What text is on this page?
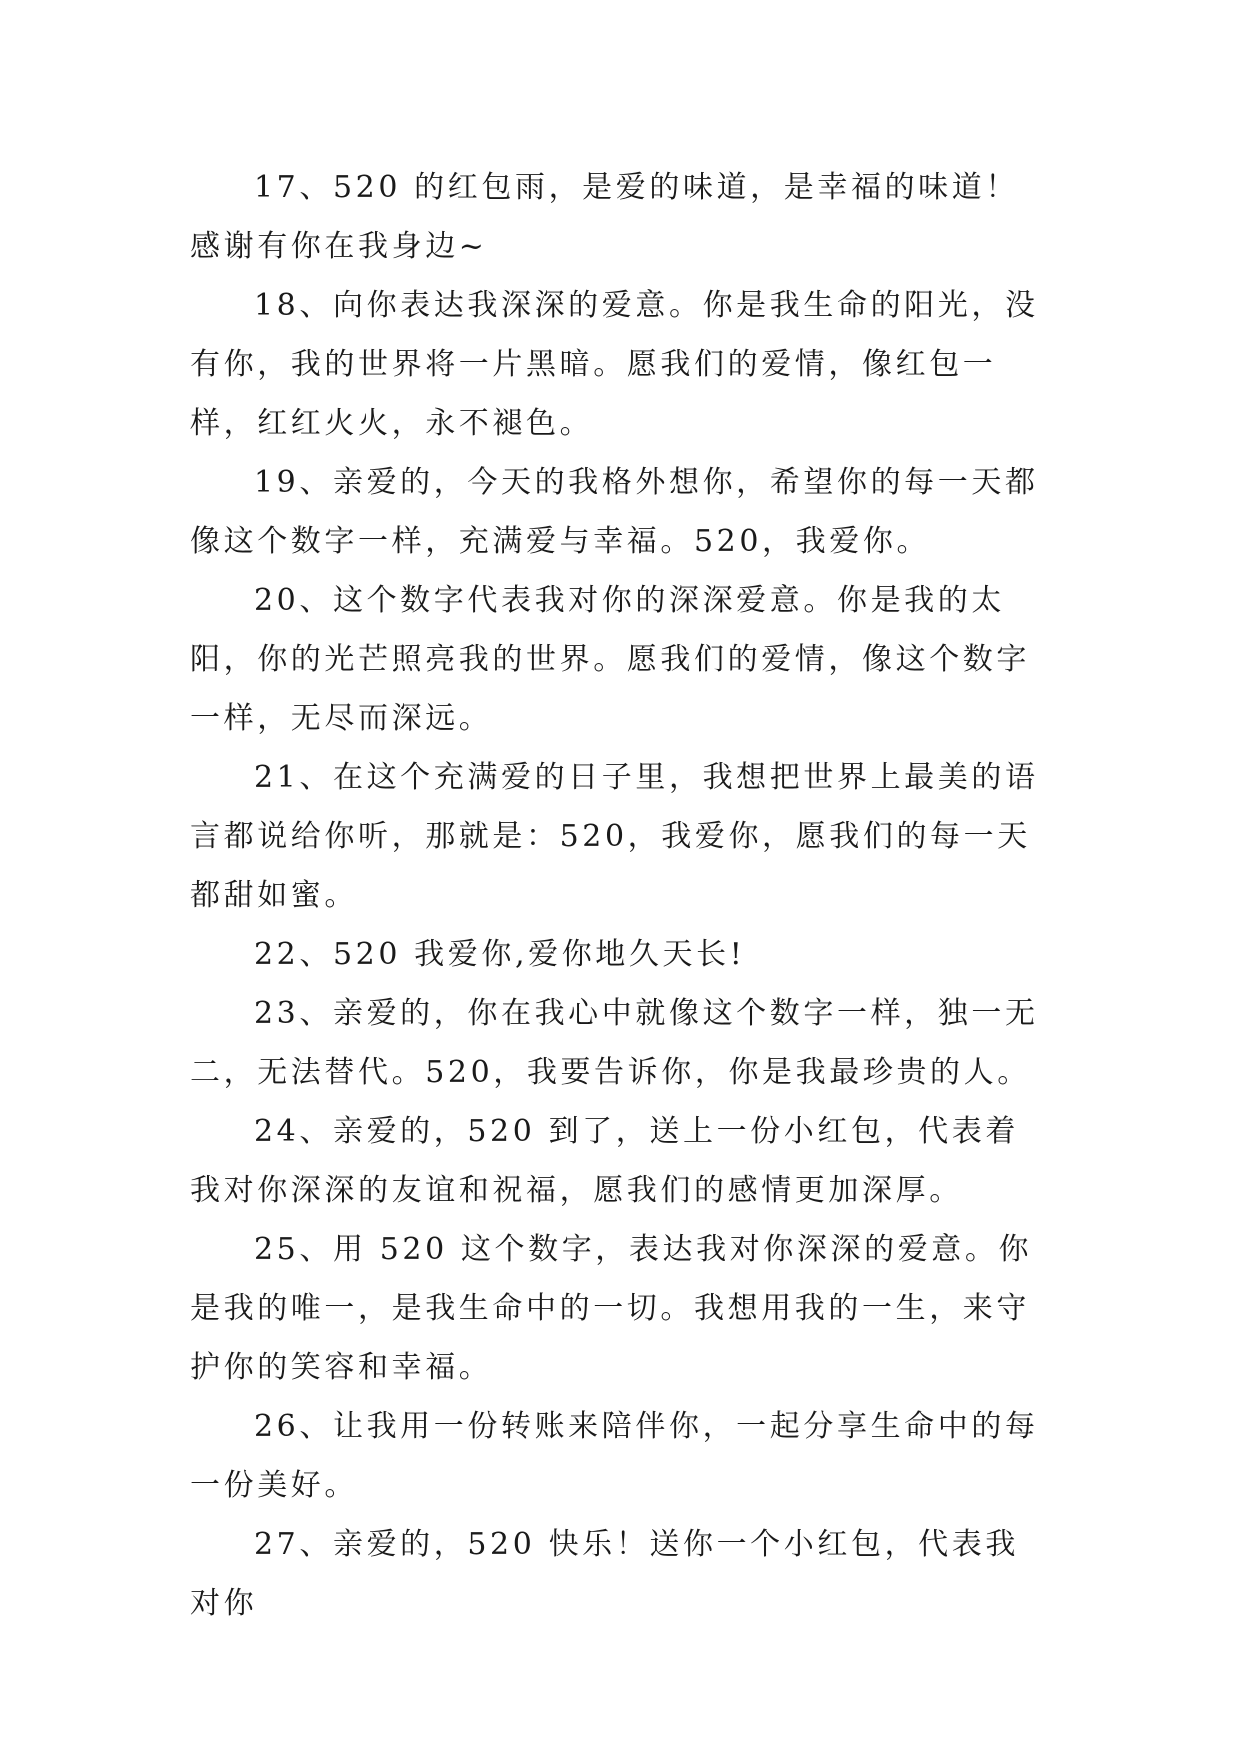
17、520 的红包雨，是爱的味道，是幸福的味道！感谢有你在我身边~

18、向你表达我深深的爱意。你是我生命的阳光，没有你，我的世界将一片黑暗。愿我们的爱情，像红包一样，红红火火，永不褪色。

19、亲爱的，今天的我格外想你，希望你的每一天都像这个数字一样，充满爱与幸福。520，我爱你。

20、这个数字代表我对你的深深爱意。你是我的太阳，你的光芒照亮我的世界。愿我们的爱情，像这个数字一样，无尽而深远。

21、在这个充满爱的日子里，我想把世界上最美的语言都说给你听，那就是：520，我爱你，愿我们的每一天都甜如蜜。

22、520 我爱你,爱你地久天长!

23、亲爱的，你在我心中就像这个数字一样，独一无二，无法替代。520，我要告诉你，你是我最珍贵的人。

24、亲爱的，520 到了，送上一份小红包，代表着我对你深深的友谊和祝福，愿我们的感情更加深厚。

25、用 520 这个数字，表达我对你深深的爱意。你是我的唯一，是我生命中的一切。我想用我的一生，来守护你的笑容和幸福。

26、让我用一份转账来陪伴你，一起分享生命中的每一份美好。

27、亲爱的，520 快乐！送你一个小红包，代表我对你
